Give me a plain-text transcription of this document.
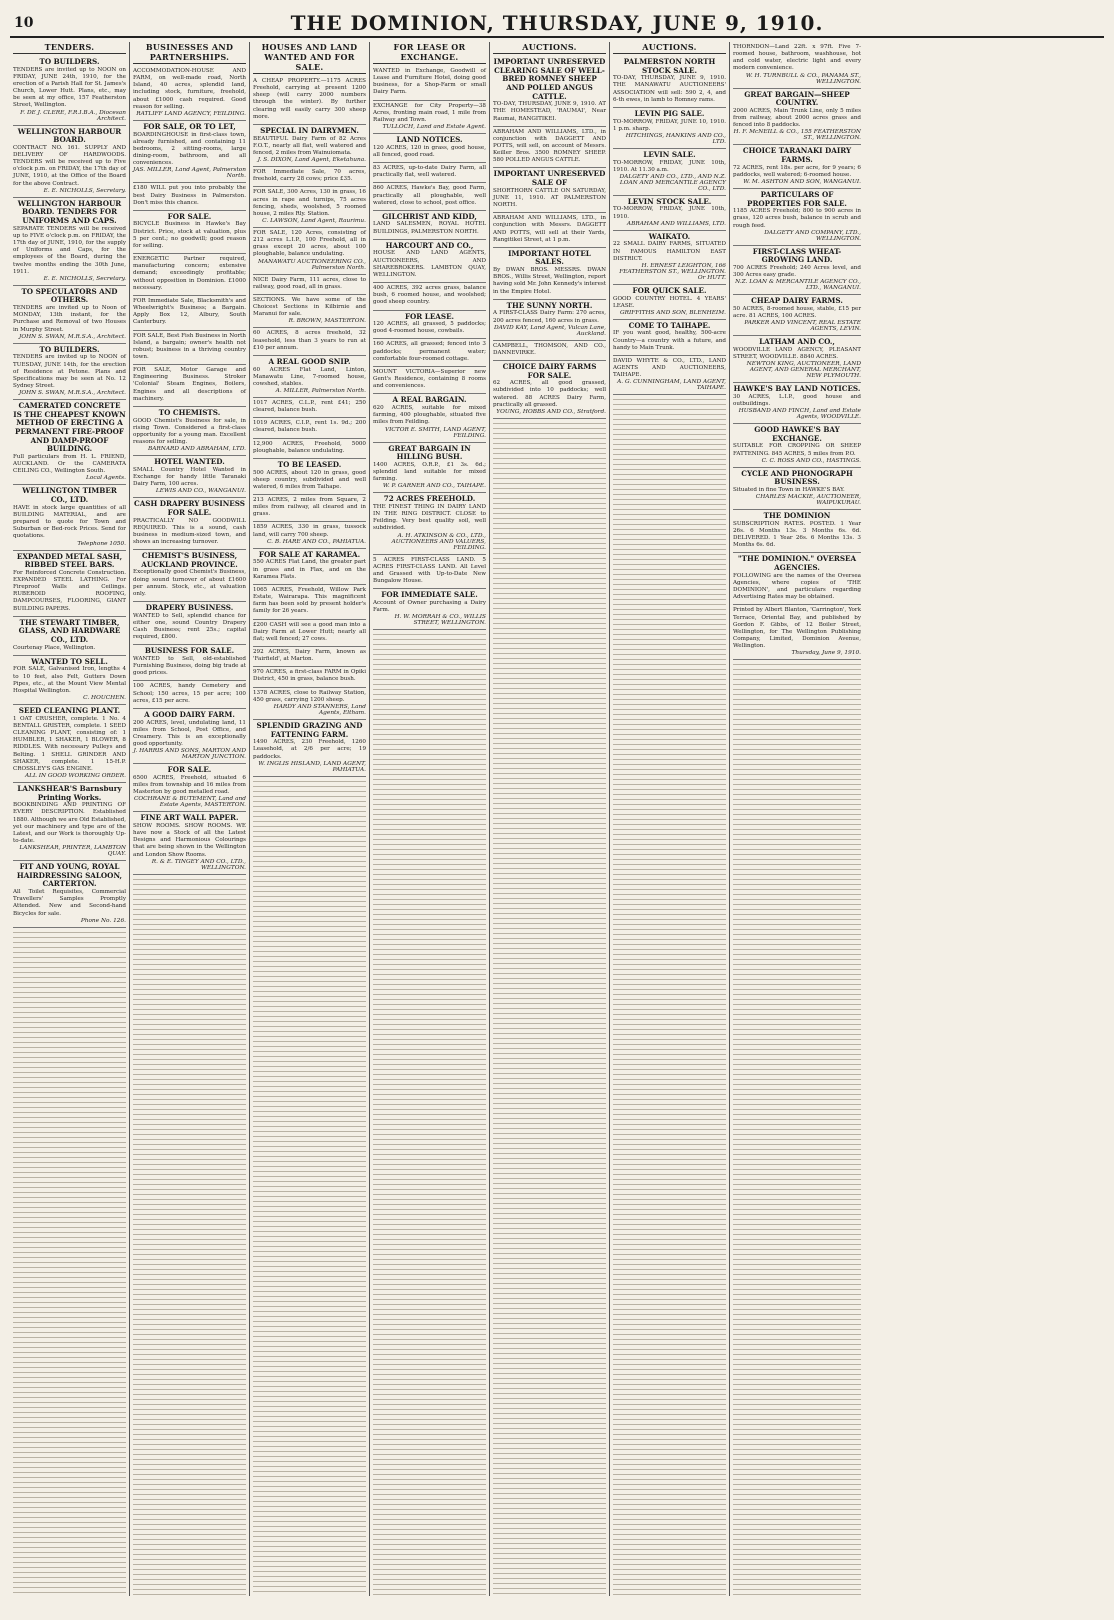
10	THE DOMINION, THURSDAY, JUNE 9, 1910.
TENDERS.
TO BUILDERS.

TENDERS are invited up to NOON on FRIDAY, JUNE 24th, 1910, for the erection of a Parish Hall for St. James's Church, Lower Hutt. Plans, etc., may be seen at my office, 157 Featherston Street, Wellington.

F. DE J. CLERE, F.R.I.B.A., Diocesan Architect.
WELLINGTON HARBOUR BOARD.

CONTRACT NO. 161. SUPPLY AND DELIVERY OF HARDWOODS. TENDERS will be received up to Five o'clock p.m. on FRIDAY, the 17th day of JUNE, 1910, at the Office of the Board for the above Contract.

E. E. NICHOLLS, Secretary.
WELLINGTON HARBOUR BOARD. TENDERS FOR UNIFORMS AND CAPS.

SEPARATE TENDERS will be received up to FIVE o'clock p.m. on FRIDAY, the 17th day of JUNE, 1910, for the supply of Uniforms and Caps, for the employees of the Board, during the twelve months ending the 30th June, 1911.

E. E. NICHOLLS, Secretary.
TO SPECULATORS AND OTHERS.

TENDERS are invited up to Noon of MONDAY, 13th instant, for the Purchase and Removal of two Houses in Murphy Street.

JOHN S. SWAN, M.R.S.A., Architect.
TO BUILDERS.

TENDERS are invited up to NOON of TUESDAY, JUNE 14th, for the erection of Residence at Petone. Plans and Specifications may be seen at No. 12 Sydney Street.

JOHN S. SWAN, M.R.S.A., Architect.
CAMERATED CONCRETE IS THE CHEAPEST KNOWN METHOD OF ERECTING A PERMANENT FIRE-PROOF AND DAMP-PROOF BUILDING.

Full particulars from H. L. FRIEND, AUCKLAND. Or the CAMERATA CEILING CO., Wellington South.

Local Agents.
WELLINGTON TIMBER CO., LTD.

HAVE in stock large quantities of all BUILDING MATERIAL, and are prepared to quote for Town and Suburban or Bed-rock Prices. Send for quotations.

Telephone 1050.
EXPANDED METAL SASH, RIBBED STEEL BARS.

For Reinforced Concrete Construction. EXPANDED STEEL LATHING. For Fireproof Walls and Ceilings. RUBEROID ROOFING, DAMPCOURSES, FLOORING, GIANT BUILDING PAPERS.

THE STEWART TIMBER, GLASS, AND HARDWARE CO., LTD.

Courtenay Place, Wellington.

WANTED TO SELL.

FOR SALE, Galvanised Iron, lengths 4 to 10 feet, also Felt, Gutters Down Pipes, etc., at the Mount View Mental Hospital Wellington.

C. HOUCHEN.
SEED CLEANING PLANT.

1 OAT CRUSHER, complete. 1 No. 4 BENTALL GRISTER, complete. 1 SEED CLEANING PLANT, consisting of: 1 HUMBLER, 1 SHAKER, 1 BLOWER, 8 RIDDLES. With necessary Pulleys and Belting. 1 SHELL GRINDER AND SHAKER, complete. 1 15-H.P. CROSSLEY'S GAS ENGINE.

ALL IN GOOD WORKING ORDER.
LANKSHEAR'S Barnsbury Printing Works.

BOOKBINDING AND PRINTING OF EVERY DESCRIPTION. Established 1880. Although we are Old Established, yet our machinery and type are of the Latest, and our Work is thoroughly Up-to-date.

LANKSHEAR, PRINTER, LAMBTON QUAY.
FIT AND YOUNG, ROYAL HAIRDRESSING SALOON, CARTERTON.

All Toilet Requisites, Commercial Travellers' Samples Promptly Attended. New and Second-hand Bicycles for sale.

Phone No. 126.
BUSINESSES AND PARTNERSHIPS.

ACCOMMODATION-HOUSE AND FARM, on well-made road, North Island, 40 acres, splendid land, including stock, furniture, freehold, about £1000 cash required. Good reason for selling.

RATLIFF LAND AGENCY, FEILDING.
FOR SALE, OR TO LET,

BOARDINGHOUSE in first-class town, already furnished, and containing 11 bedrooms, 2 sitting-rooms, large dining-room, bathroom, and all conveniences.

JAS. MILLER, Land Agent, Palmerston North.

£180 WILL put you into probably the best Dairy Business in Palmerston. Don't miss this chance.

FOR SALE.

BICYCLE Business in Hawke's Bay District. Price, stock at valuation, plus 5 per cent.; no goodwill; good reason for selling.

ENERGETIC Partner required, manufacturing concern; extensive demand; exceedingly profitable; without opposition in Dominion. £1000 necessary.

FOR Immediate Sale, Blacksmith's and Wheelwright's Business; a Bargain. Apply Box 12, Albury, South Canterbury.

FOR SALE, Best Fish Business in North Island, a bargain; owner's health not robust; business in a thriving country town.

FOR SALE, Motor Garage and Engineering Business. Stroker 'Colonial' Steam Engines, Boilers, Engines and all descriptions of machinery.

TO CHEMISTS.

GOOD Chemist's Business for sale, in rising Town. Considered a first-class opportunity for a young man. Excellent reasons for selling.

BARNARD AND ABRAHAM, LTD.
HOTEL WANTED.

SMALL Country Hotel Wanted in Exchange for handy little Taranaki Dairy Farm, 100 acres.

LEWIS AND CO., WANGANUI.
CASH DRAPERY BUSINESS FOR SALE.

PRACTICALLY NO GOODWILL REQUIRED. This is a sound, cash business in medium-sized town, and shows an increasing turnover.

CHEMIST'S BUSINESS, AUCKLAND PROVINCE.

Exceptionally good Chemist's Business, doing sound turnover of about £1600 per annum. Stock, etc., at valuation only.

DRAPERY BUSINESS.

WANTED to Sell, splendid chance for either one, sound Country Drapery Cash Business; rent 25s.; capital required, £800.

BUSINESS FOR SALE.

WANTED to Sell, old-established Furnishing Business, doing big trade at good prices.

100 ACRES, handy Cemetery and School; 150 acres, 15 per acre; 100 acres, £15 per acre.

A GOOD DAIRY FARM.

200 ACRES, level, undulating land, 11 miles from School, Post Office, and Creamery. This is an exceptionally good opportunity.

J. HARRIS AND SONS, MARTON AND MARTON JUNCTION.
FOR SALE.

6500 ACRES, Freehold, situated 6 miles from township and 16 miles from Masterton by good metalled road.

COCHRANE & BUTEMENT, Land and Estate Agents, MASTERTON.
FINE ART WALL PAPER.

SHOW ROOMS. SHOW ROOMS. WE have now a Stock of all the Latest Designs and Harmonious Colourings that are being shown in the Wellington and London Show Rooms.

R. & E. TINGEY AND CO., LTD., WELLINGTON.
HOUSES AND LAND WANTED AND FOR SALE.

A CHEAP PROPERTY.—1175 ACRES Freehold, carrying at present 1200 sheep (will carry 2000 numbers through the winter). By further clearing will easily carry 300 sheep more.

SPECIAL IN DAIRYMEN.

BEAUTIFUL Dairy Farm of 82 Acres F.O.T., nearly all flat, well watered and fenced, 2 miles from Wainuiomata.

J. S. DIXON, Land Agent, Eketahuna.

FOR Immediate Sale, 70 acres, freehold, carry 28 cows; price £35.

FOR SALE, 300 Acres, 130 in grass, 16 acres in rape and turnips, 75 acres fencing, sheds, woolshed, 5 roomed house, 2 miles Rly. Station.

C. LAWSON, Land Agent, Raurimu.

FOR SALE, 120 Acres, consisting of 212 acres L.I.P., 100 Freehold, all in grass except 20 acres, about 100 ploughable, balance undulating.

MANAWATU AUCTIONEERING CO., Palmerston North.

NICE Dairy Farm, 111 acres, close to railway, good road, all in grass.

SECTIONS. We have some of the Choicest Sections in Kilbirnie and Maranui for sale.

R. BROWN, MASTERTON.

60 ACRES, 8 acres freehold, 32 leasehold, less than 3 years to run at £10 per annum.

A REAL GOOD SNIP.

60 ACRES Flat Land, Linton, Manawatu Line, 7-roomed house, cowshed, stables.

A. MILLER, Palmerston North.

1017 ACRES, C.L.P., rent £41; 250 cleared, balance bush.

1019 ACRES, C.I.P., rent 1s. 9d.; 200 cleared, balance bush.

12,900 ACRES, Freehold, 5000 ploughable, balance undulating.

TO BE LEASED.

500 ACRES, about 120 in grass, good sheep country, subdivided and well watered, 6 miles from Taihape.

213 ACRES, 2 miles from Square, 2 miles from railway, all cleared and in grass.

1859 ACRES, 330 in grass, tussock land, will carry 700 sheep.

C. B. HARE AND CO., PAHIATUA.
FOR SALE AT KARAMEA.

550 ACRES Flat Land, the greater part in grass and in Flax, and on the Karamea Flats.

1065 ACRES, Freehold, Willow Park Estate, Wairarapa. This magnificent farm has been sold by present holder's family for 26 years.

£200 CASH will see a good man into a Dairy Farm at Lower Hutt; nearly all flat; well fenced; 27 cows.

292 ACRES, Dairy Farm, known as 'Fairfield', at Marton.

970 ACRES, a first-class FARM in Opiki District, 450 in grass, balance bush.

1378 ACRES, close to Railway Station, 450 grass, carrying 1200 sheep.

HARDY AND STANNERS, Land Agents, Eltham.
SPLENDID GRAZING AND FATTENING FARM.

1490 ACRES, 230 Freehold, 1260 Leasehold, at 2/6 per acre; 19 paddocks.

W. INGLIS HISLAND, LAND AGENT, PAHIATUA.
FOR LEASE OR EXCHANGE.

WANTED in Exchange, Goodwill of Lease and Furniture Hotel, doing good business, for a Shop-Farm or small Dairy Farm.

EXCHANGE for City Property—38 Acres, fronting main road, 1 mile from Railway and Town.

TULLOCH, Land and Estate Agent.
LAND NOTICES.

120 ACRES, 120 in grass, good house, all fenced, good road.

83 ACRES, up-to-date Dairy Farm, all practically flat, well watered.

860 ACRES, Hawke's Bay, good Farm, practically all ploughable, well watered, close to school, post office.

GILCHRIST AND KIDD,

LAND SALESMEN, ROYAL HOTEL BUILDINGS, PALMERSTON NORTH.

HARCOURT AND CO.,

HOUSE AND LAND AGENTS, AUCTIONEERS, AND SHAREBROKERS. LAMBTON QUAY, WELLINGTON.

400 ACRES, 392 acres grass, balance bush, 6 roomed house, and woolshed; good sheep country.

FOR LEASE.

120 ACRES, all grassed, 5 paddocks; good 4-roomed house, cowbails.

160 ACRES, all grassed; fenced into 3 paddocks; permanent water; comfortable four-roomed cottage.

MOUNT VICTORIA—Superior new Gent's Residence, containing 8 rooms and conveniences.

A REAL BARGAIN.

620 ACRES, suitable for mixed farming, 400 ploughable, situated five miles from Feilding.

VICTOR E. SMITH, LAND AGENT, FEILDING.
GREAT BARGAIN IN HILLING BUSH.

1400 ACRES, O.R.P., £1 3s. 6d.; splendid land suitable for mixed farming.

W. P. GARNER AND CO., TAIHAPE.
72 ACRES FREEHOLD.

THE FINEST THING IN DAIRY LAND IN THE RING DISTRICT. CLOSE to Feilding. Very best quality soil, well subdivided.

A. H. ATKINSON & CO., LTD., AUCTIONEERS AND VALUERS, FEILDING.

5 ACRES FIRST-CLASS LAND. 5 ACRES FIRST-CLASS LAND. All Level and Grassed with Up-to-Date New Bungalow House.

FOR IMMEDIATE SALE.

Account of Owner purchasing a Dairy Farm.

H. W. MORRAH & CO., WILLIS STREET, WELLINGTON.
AUCTIONS.
IMPORTANT UNRESERVED CLEARING SALE OF WELL-BRED ROMNEY SHEEP AND POLLED ANGUS CATTLE.

TO-DAY, THURSDAY, JUNE 9, 1910. AT THE HOMESTEAD, 'RAUMAI', Near Raumai, RANGITIKEI.

ABRAHAM AND WILLIAMS, LTD., in conjunction with DAGGETT AND POTTS, will sell, on account of Messrs. Keiller Bros. 3500 ROMNEY SHEEP. 580 POLLED ANGUS CATTLE.

IMPORTANT UNRESERVED SALE OF

SHORTHORN CATTLE ON SATURDAY, JUNE 11, 1910. AT PALMERSTON NORTH.

ABRAHAM AND WILLIAMS, LTD., in conjunction with Messrs. DAGGETT AND POTTS, will sell at their Yards, Rangitikei Street, at 1 p.m.

IMPORTANT HOTEL SALES.

By DWAN BROS. MESSRS. DWAN BROS., Willis Street, Wellington, report having sold Mr. John Kennedy's interest in the Empire Hotel.

THE SUNNY NORTH.

A FIRST-CLASS Dairy Farm: 270 acres, 200 acres fenced, 160 acres in grass.

DAVID KAY, Land Agent, Vulcan Lane, Auckland.

CAMPBELL, THOMSON, AND CO., DANNEVIRKE.

CHOICE DAIRY FARMS FOR SALE.

62 ACRES, all good grassed, subdivided into 10 paddocks; well watered. 88 ACRES Dairy Farm, practically all grassed.

YOUNG, HOBBS AND CO., Stratford.
AUCTIONS.
PALMERSTON NORTH STOCK SALE.

TO-DAY, THURSDAY, JUNE 9, 1910. THE MANAWATU AUCTIONEERS' ASSOCIATION will sell: 590 2, 4, and 6-th ewes, in lamb to Romney rams.

LEVIN PIG SALE.

TO-MORROW, FRIDAY, JUNE 10, 1910. 1 p.m. sharp.

HITCHINGS, HANKINS AND CO., LTD.
LEVIN SALE.

TO-MORROW, FRIDAY, JUNE 10th, 1910. At 11.30 a.m.

DALGETY AND CO., LTD., AND N.Z. LOAN AND MERCANTILE AGENCY CO., LTD.
LEVIN STOCK SALE.

TO-MORROW, FRIDAY, JUNE 10th, 1910.

ABRAHAM AND WILLIAMS, LTD.
WAIKATO.

22 SMALL DAIRY FARMS, SITUATED IN FAMOUS HAMILTON EAST DISTRICT.

H. ERNEST LEIGHTON, 166 FEATHERSTON ST., WELLINGTON. Or HUTT.
FOR QUICK SALE.

GOOD COUNTRY HOTEL. 4 YEARS' LEASE.

GRIFFITHS AND SON, BLENHEIM.
COME TO TAIHAPE.

IF you want good, healthy, 500-acre Country—a country with a future, and handy to Main Trunk.

DAVID WHYTE & CO., LTD., LAND AGENTS AND AUCTIONEERS, TAIHAPE.

A. G. CUNNINGHAM, LAND AGENT, TAIHAPE.

THORNDON—Land 22ft. x 97ft. Five 7-roomed house, bathroom, washhouse, hot and cold water, electric light and every modern convenience.

W. H. TURNBULL & CO., PANAMA ST., WELLINGTON.
GREAT BARGAIN—SHEEP COUNTRY.

2000 ACRES, Main Trunk Line, only 5 miles from railway, about 2000 acres grass and fenced into 8 paddocks.

H. F. McNEILL & CO., 155 FEATHERSTON ST., WELLINGTON.
CHOICE TARANAKI DAIRY FARMS.

72 ACRES, rent 18s. per acre, for 9 years; 6 paddocks, well watered; 6-roomed house.

W. M. ASHTON AND SON, WANGANUI.
PARTICULARS OF PROPERTIES FOR SALE.

1185 ACRES Freehold; 800 to 900 acres in grass, 120 acres bush, balance in scrub and rough feed.

DALGETY AND COMPANY, LTD., WELLINGTON.
FIRST-CLASS WHEAT-GROWING LAND.

700 ACRES Freehold; 240 Acres level, and 300 Acres easy grade.

N.Z. LOAN & MERCANTILE AGENCY CO., LTD., WANGANUI.
CHEAP DAIRY FARMS.

50 ACRES, 8-roomed house, stable, £15 per acre. 81 ACRES, 100 ACRES.

PARKER AND VINCENT, REAL ESTATE AGENTS, LEVIN.
LATHAM AND CO.,

WOODVILLE LAND AGENCY, PLEASANT STREET, WOODVILLE. 8840 ACRES.

NEWTON KING, AUCTIONEER, LAND AGENT, AND GENERAL MERCHANT, NEW PLYMOUTH.
HAWKE'S BAY LAND NOTICES.

30 ACRES, L.I.P., good house and outbuildings.

HUSBAND AND FINCH, Land and Estate Agents, WOODVILLE.
GOOD HAWKE'S BAY EXCHANGE.

SUITABLE FOR CROPPING OR SHEEP FATTENING. 845 ACRES, 5 miles from P.O.

C. C. ROSS AND CO., HASTINGS.
CYCLE AND PHONOGRAPH BUSINESS.

Situated in fine Town in HAWKE'S BAY.

CHARLES MACKIE, AUCTIONEER, WAIPUKURAU.
THE DOMINION

SUBSCRIPTION RATES. POSTED. 1 Year 26s. 6 Months 13s. 3 Months 6s. 6d. DELIVERED. 1 Year 26s. 6 Months 13s. 3 Months 6s. 6d.

"THE DOMINION." OVERSEA AGENCIES.

FOLLOWING are the names of the Oversea Agencies, where copies of 'THE DOMINION', and particulars regarding Advertising Rates may be obtained.

Printed by Albert Blanton, 'Carrington', York Terrace, Oriental Bay, and published by Gordon F. Gibbs, of 12 Boiler Street, Wellington, for The Wellington Publishing Company, Limited, Dominion Avenue, Wellington.

Thursday, June 9, 1910.
